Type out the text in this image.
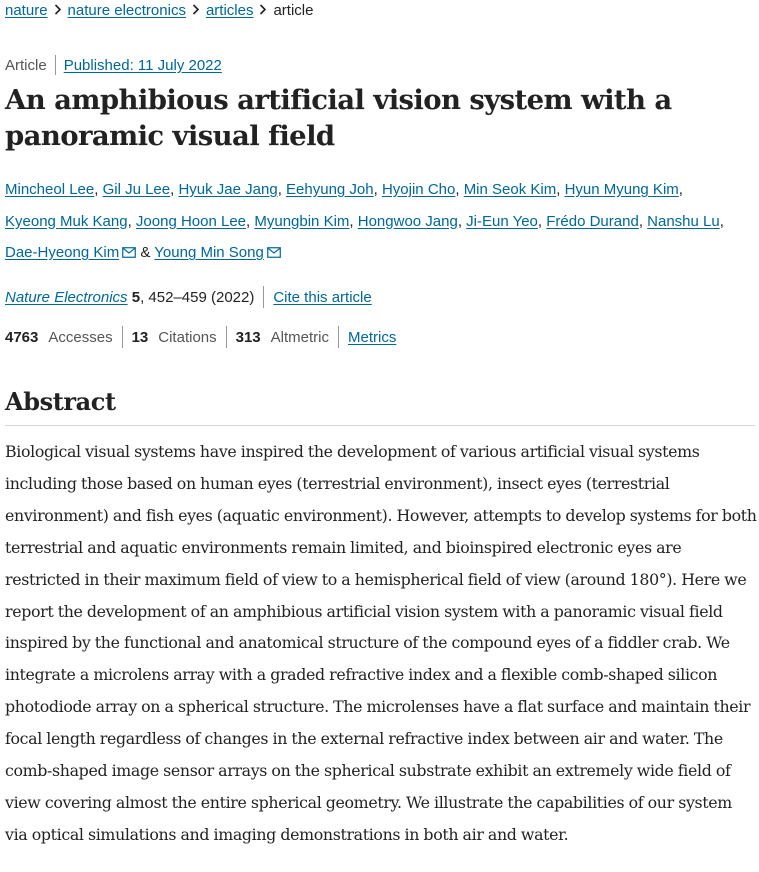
nature nature electronics articles article
Article Published: 11 July 2022
An amphibious artificial vision system with a panoramic visual field
Mincheol Lee, Gil Ju Lee, Hyuk Jae Jang, Eehyung Joh, Hyojin Cho, Min Seok Kim, Hyun Myung Kim, Kyeong Muk Kang, Joong Hoon Lee, Myungbin Kim, Hongwoo Jang, Ji-Eun Yeo, Frédo Durand, Nanshu Lu, Dae-Hyeong Kim & Young Min Song
Nature Electronics
5 , 452–459 (2022) Cite this article
4763 Accesses 13 Citations 313 Altmetric Metrics
Abstract

Biological visual systems have inspired the development of various artificial visual systems including those based on human eyes (terrestrial environment), insect eyes (terrestrial environment) and fish eyes (aquatic environment). However, attempts to develop systems for both terrestrial and aquatic environments remain limited, and bioinspired electronic eyes are restricted in their maximum field of view to a hemispherical field of view (around 180°). Here we report the development of an amphibious artificial vision system with a panoramic visual field inspired by the functional and anatomical structure of the compound eyes of a fiddler crab. We integrate a microlens array with a graded refractive index and a flexible comb-shaped silicon photodiode array on a spherical structure. The microlenses have a flat surface and maintain their focal length regardless of changes in the external refractive index between air and water. The comb-shaped image sensor arrays on the spherical substrate exhibit an extremely wide field of view covering almost the entire spherical geometry. We illustrate the capabilities of our system via optical simulations and imaging demonstrations in both air and water.
